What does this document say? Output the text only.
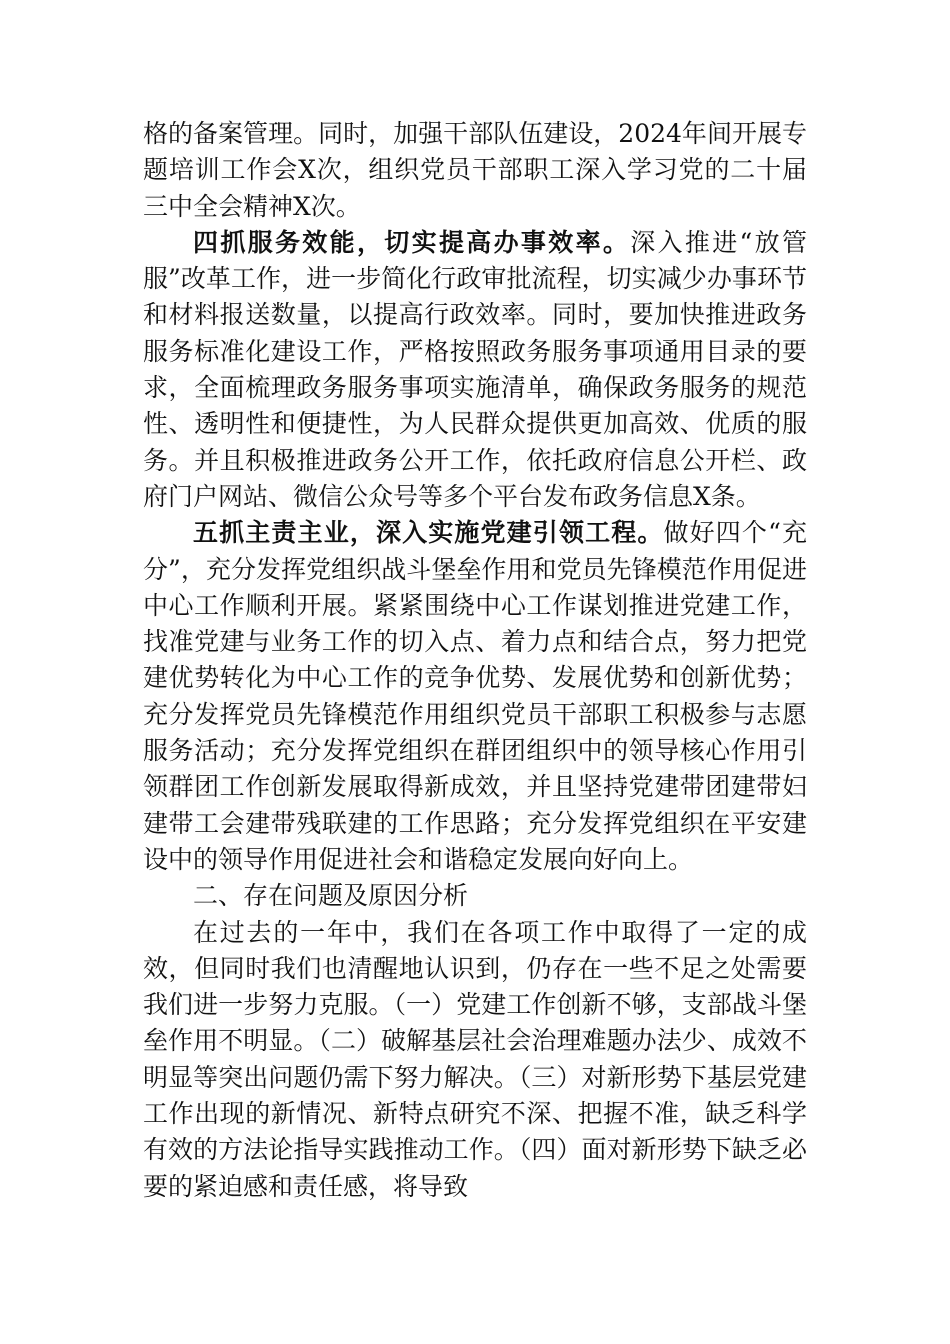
格的备案管理。同时，加强干部队伍建设，2024年间开展专题培训工作会X次，组织党员干部职工深入学习党的二十届三中全会精神X次。

四抓服务效能，切实提高办事效率。深入推进“放管服”改革工作，进一步简化行政审批流程，切实减少办事环节和材料报送数量，以提高行政效率。同时，要加快推进政务服务标准化建设工作，严格按照政务服务事项通用目录的要求，全面梳理政务服务事项实施清单，确保政务服务的规范性、透明性和便捷性，为人民群众提供更加高效、优质的服务。并且积极推进政务公开工作，依托政府信息公开栏、政府门户网站、微信公众号等多个平台发布政务信息X条。

五抓主责主业，深入实施党建引领工程。做好四个“充分”，充分发挥党组织战斗堡垒作用和党员先锋模范作用促进中心工作顺利开展。紧紧围绕中心工作谋划推进党建工作，找准党建与业务工作的切入点、着力点和结合点，努力把党建优势转化为中心工作的竞争优势、发展优势和创新优势；充分发挥党员先锋模范作用组织党员干部职工积极参与志愿服务活动；充分发挥党组织在群团组织中的领导核心作用引领群团工作创新发展取得新成效，并且坚持党建带团建带妇建带工会建带残联建的工作思路；充分发挥党组织在平安建设中的领导作用促进社会和谐稳定发展向好向上。

二、存在问题及原因分析

在过去的一年中，我们在各项工作中取得了一定的成效，但同时我们也清醒地认识到，仍存在一些不足之处需要我们进一步努力克服。（一）党建工作创新不够，支部战斗堡垒作用不明显。（二）破解基层社会治理难题办法少、成效不明显等突出问题仍需下努力解决。（三）对新形势下基层党建工作出现的新情况、新特点研究不深、把握不准，缺乏科学有效的方法论指导实践推动工作。（四）面对新形势下缺乏必要的紧迫感和责任感，将导致
